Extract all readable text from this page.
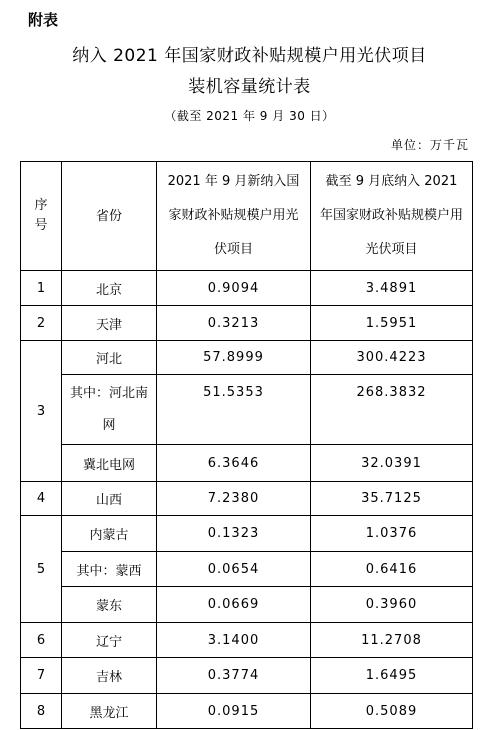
附表
纳入 2021 年国家财政补贴规模户用光伏项目
装机容量统计表
（截至 2021 年 9 月 30 日）
单位：万千瓦
序号	省份	2021 年 9 月新纳入国家财政补贴规模户用光伏项目	截至 9 月底纳入 2021 年国家财政补贴规模户用光伏项目

1	北京	0.9094	3.4891
2	天津	0.3213	1.5951
3	河北	57.8999	300.4223

	其中：河北南网	51.5353	268.3832
	冀北电网	6.3646	32.0391
4	山西	7.2380	35.7125
5	内蒙古	0.1323	1.0376
	其中：蒙西	0.0654	0.6416
	蒙东	0.0669	0.3960
6	辽宁	3.1400	11.2708
7	吉林	0.3774	1.6495
8	黑龙江	0.0915	0.5089
